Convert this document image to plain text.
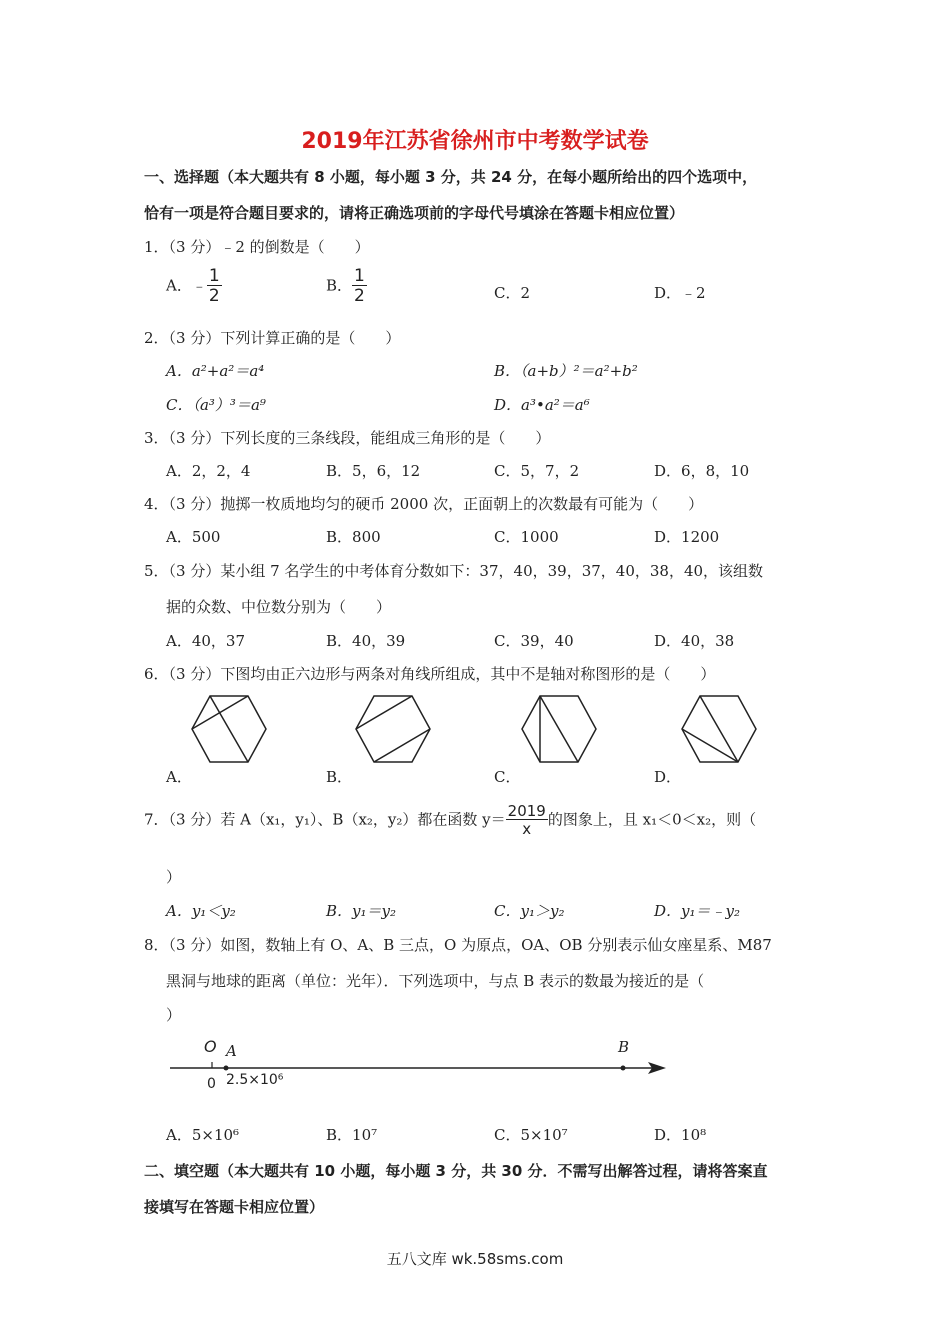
2019年江苏省徐州市中考数学试卷
一、选择题（本大题共有 8 小题，每小题 3 分，共 24 分，在每小题所给出的四个选项中，
恰有一项是符合题目要求的，请将正确选项前的字母代号填涂在答题卡相应位置）
1．（3 分）﹣2 的倒数是（　　）
A．﹣ $\frac{1}{2}$	B． $\frac{1}{2}$	C．2	D．﹣2
2．（3 分）下列计算正确的是（　　）
A．a²+a²＝a⁴	B．（a+b）²＝a²+b²
C．（a³）³＝a⁹	D．a³•a²＝a⁶
3．（3 分）下列长度的三条线段，能组成三角形的是（　　）
A．2，2，4	B．5，6，12	C．5，7，2	D．6，8，10
4．（3 分）抛掷一枚质地均匀的硬币 2000 次，正面朝上的次数最有可能为（　　）
A．500	B．800	C．1000	D．1200
5．（3 分）某小组 7 名学生的中考体育分数如下：37，40，39，37，40，38，40，该组数
据的众数、中位数分别为（　　）
A．40，37	B．40，39	C．39，40	D．40，38
6．（3 分）下图均由正六边形与两条对角线所组成，其中不是轴对称图形的是（　　）
A．	B．	C．	D．
7．（3 分）若 A（x₁，y₁）、B（x₂，y₂）都在函数 $y= \frac{2019}{x}$ 的图象上，且 x₁＜0＜x₂，则（
）
A．y₁＜y₂	B．y₁＝y₂	C．y₁＞y₂	D．y₁＝﹣y₂
8．（3 分）如图，数轴上有 O、A、B 三点，O 为原点，OA、OB 分别表示仙女座星系、M87
黑洞与地球的距离（单位：光年）．下列选项中，与点 B 表示的数最为接近的是（
）
O A	B
0 2.5×10⁶
A．5×10⁶	B．10⁷	C．5×10⁷	D．10⁸
二、填空题（本大题共有 10 小题，每小题 3 分，共 30 分．不需写出解答过程，请将答案直
接填写在答题卡相应位置）
五八文库 wk.58sms.com
